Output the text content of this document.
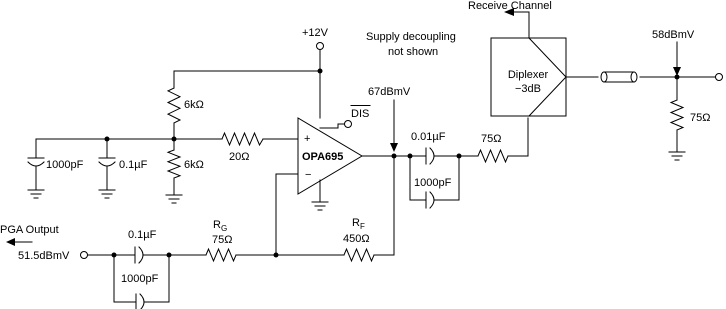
OPA695
+
−
Diplexer
−3dB
+12V	Supply decoupling
not shown
Receive Channel
58dBmV
67dBmV
DIS
PGA Output
51.5dBmV
6kΩ
6kΩ
20Ω
1000pF	0.1µF
0.01µF
1000pF
75Ω
75Ω
0.1µF
1000pF
$R_G$
75Ω
$R_F$
450Ω
